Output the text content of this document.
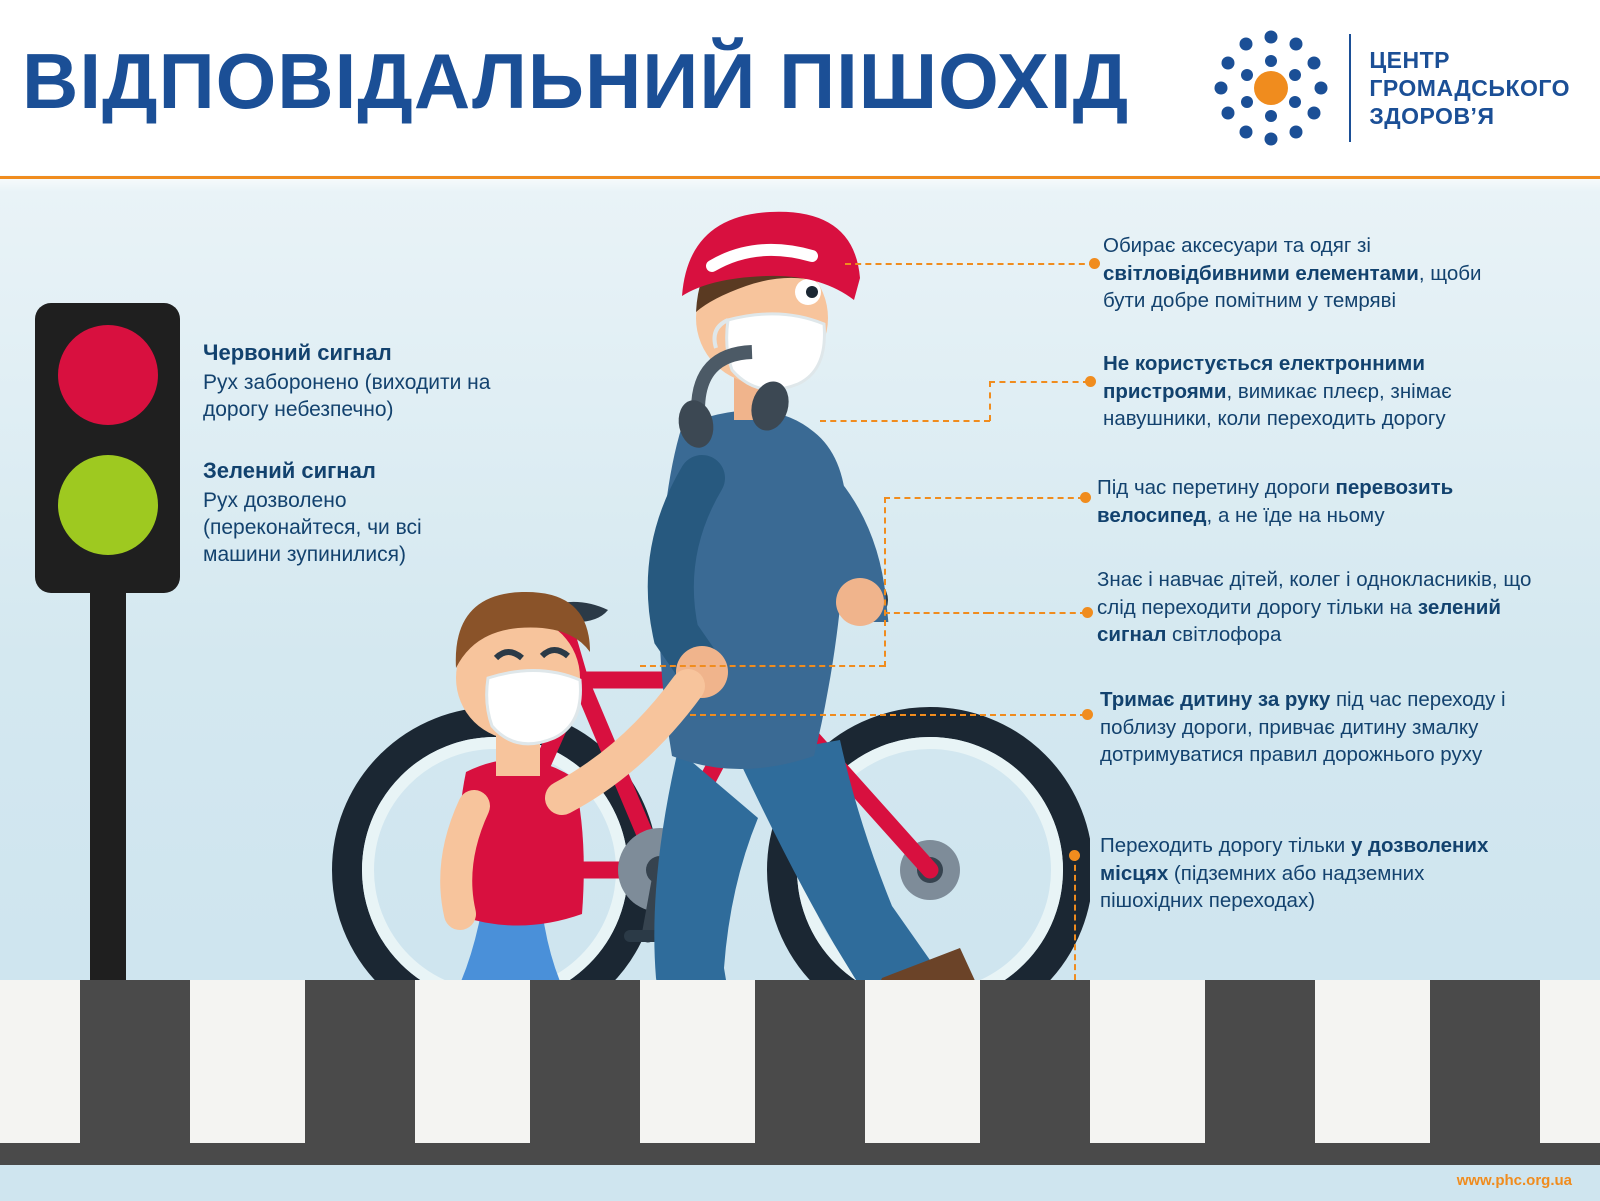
ВІДПОВІДАЛЬНИЙ ПІШОХІД	ЦЕНТР
ГРОМАДСЬКОГО
ЗДОРОВ’Я
Червоний сигнал
Рух заборонено (виходити на дорогу небезпечно)
Зелений сигнал
Рух дозволено (переконайтеся, чи всі машини зупинилися)
Обирає аксесуари та одяг зі світловідбивними елементами, щоби бути добре помітним у темряві
Не користується електронними пристроями, вимикає плеєр, знімає навушники, коли переходить дорогу
Під час перетину дороги перевозить велосипед, а не їде на ньому
Знає і навчає дітей, колег і однокласників, що слід переходити дорогу тільки на зелений сигнал світлофора
Тримає дитину за руку під час переходу і поблизу дороги, привчає дитину змалку дотримуватися правил дорожнього руху
Переходить дорогу тільки у дозволених місцях (підземних або надземних пішохідних переходах)
www.phc.org.ua
